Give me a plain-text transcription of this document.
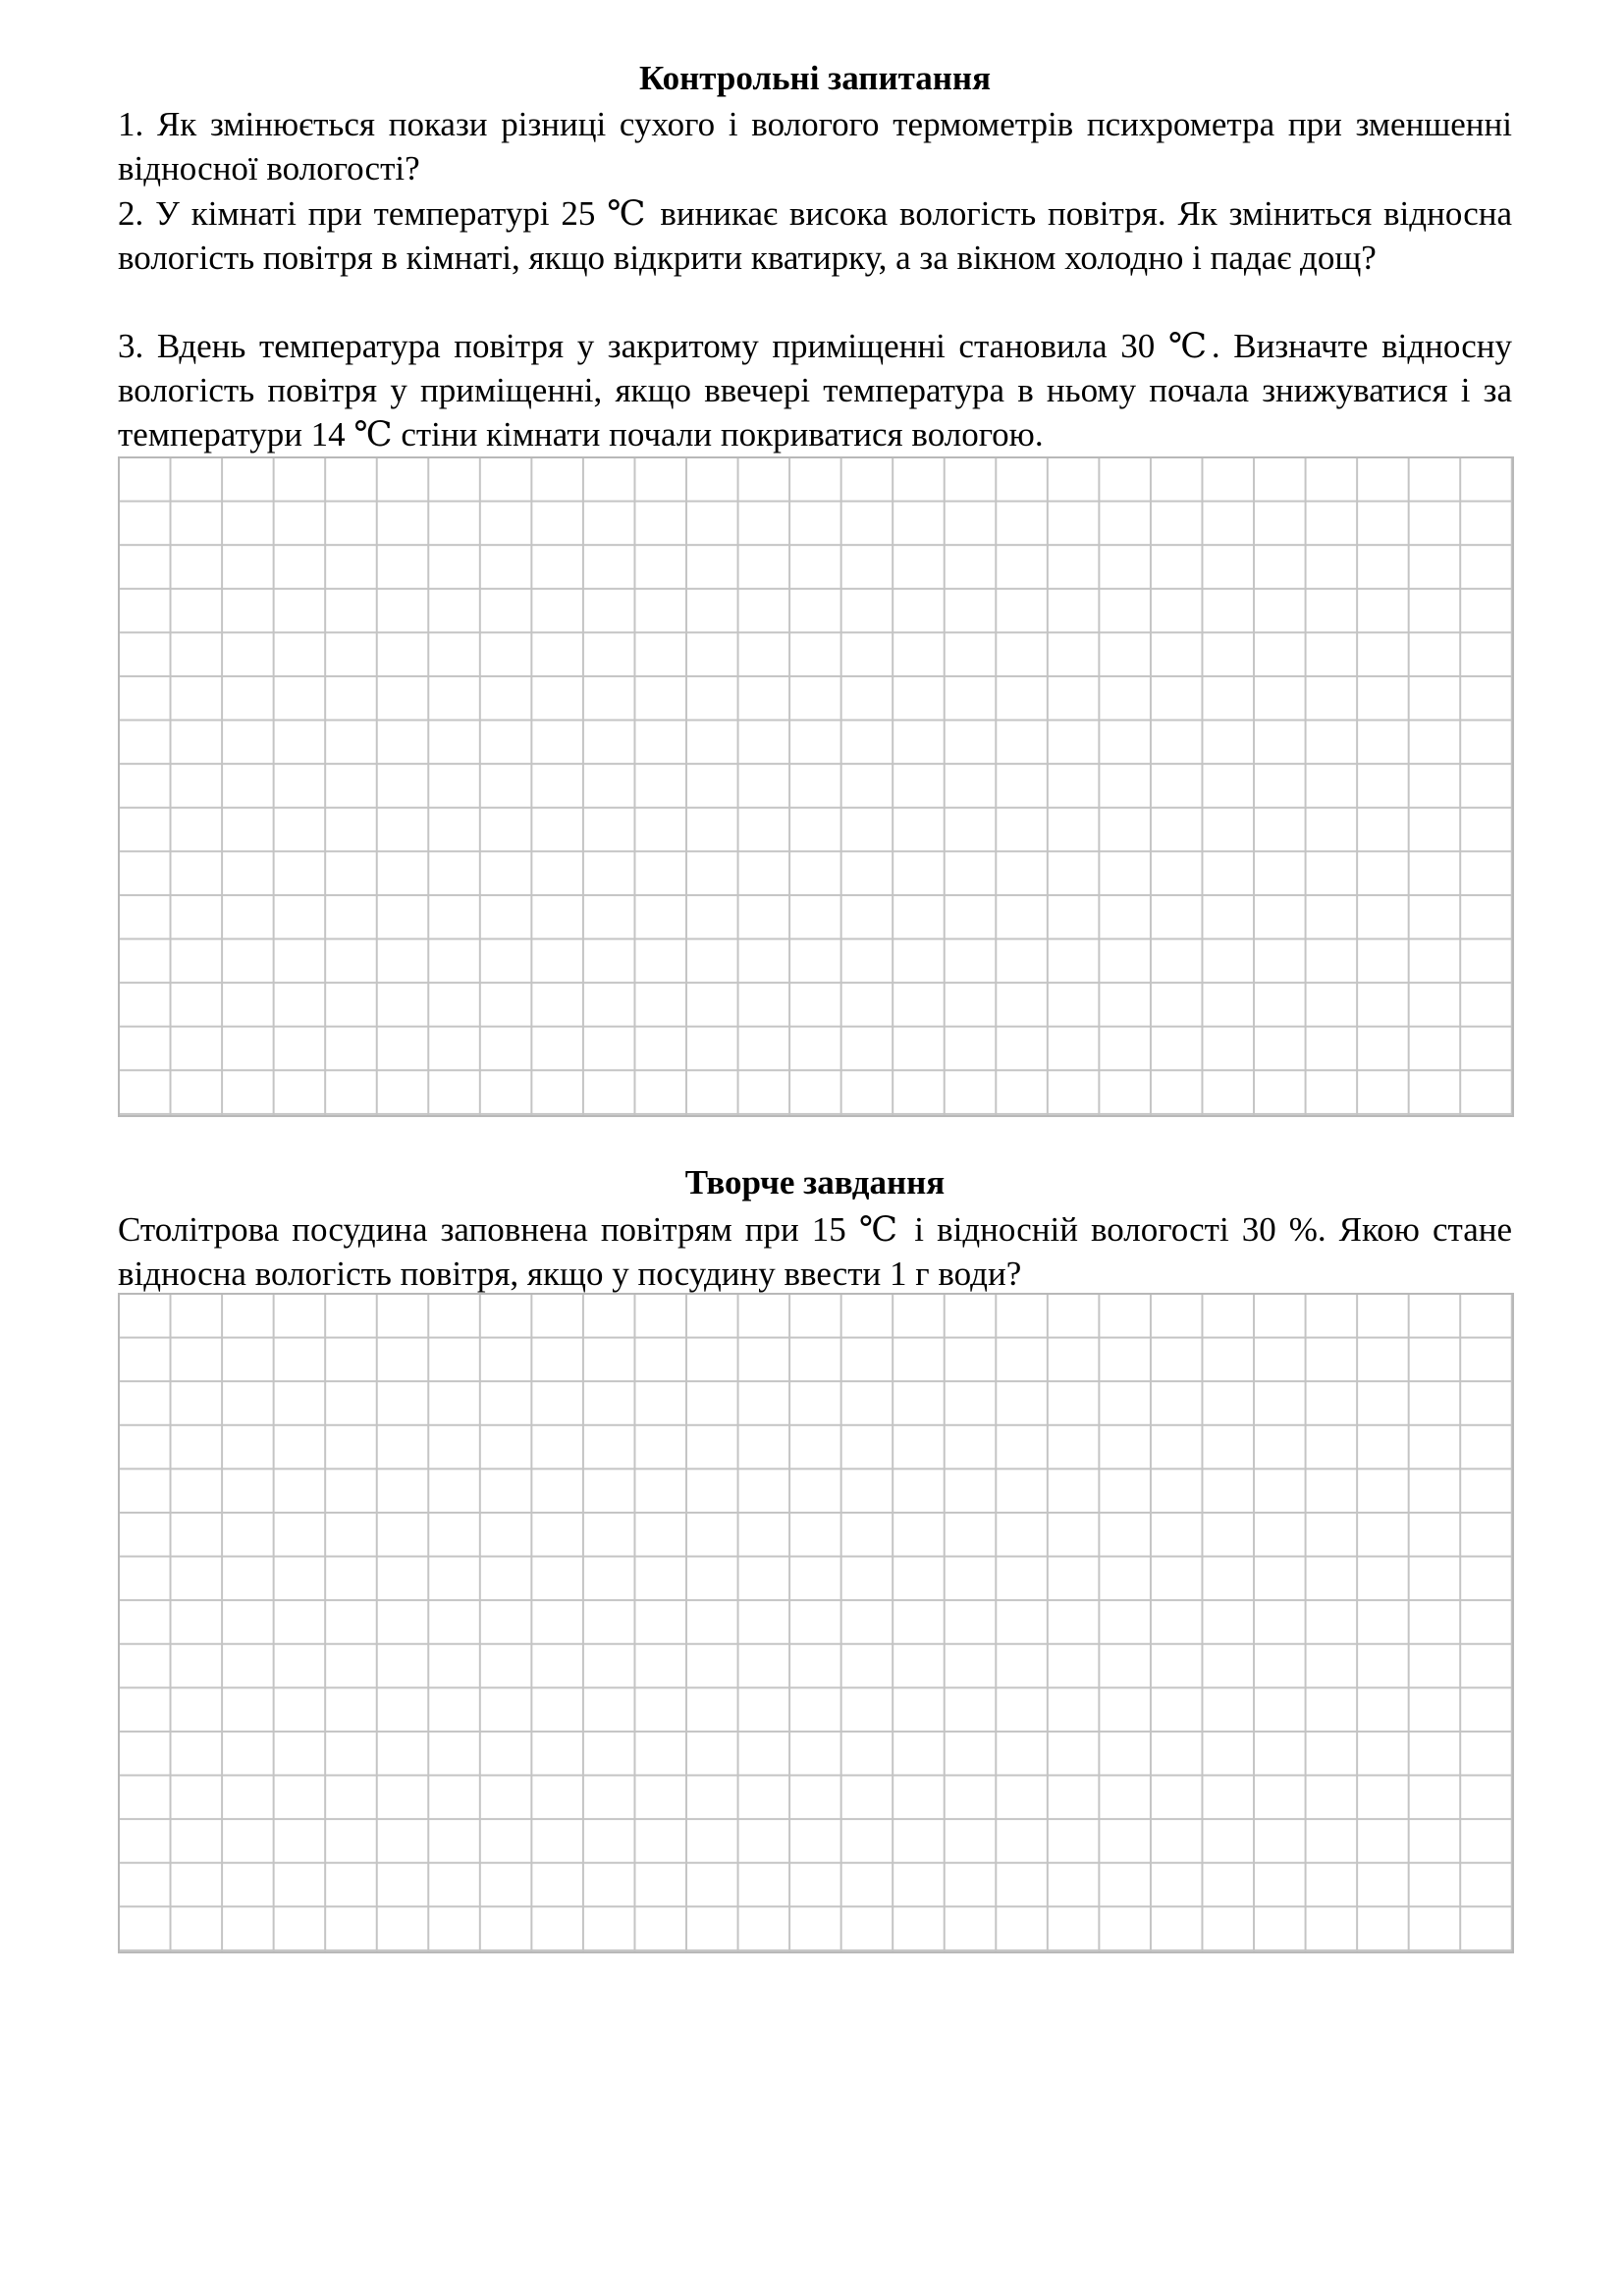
Контрольні запитання

1. Як змінюється покази різниці сухого і вологого термометрів психрометра при зменшенні відносної вологості?

2. У кімнаті при температурі 25 ℃ виникає висока вологість повітря. Як зміниться відносна вологість повітря в кімнаті, якщо відкрити кватирку, а за вікном холодно і падає дощ?

3. Вдень температура повітря у закритому приміщенні становила 30 ℃. Визначте відносну вологість повітря у приміщенні, якщо ввечері температура в ньому почала знижуватися і за температури 14 ℃ стіни кімнати почали покриватися вологою.

Творче завдання

Столітрова посудина заповнена повітрям при 15 ℃ і відносній вологості 30 %. Якою стане відносна вологість повітря, якщо у посудину ввести 1 г води?
